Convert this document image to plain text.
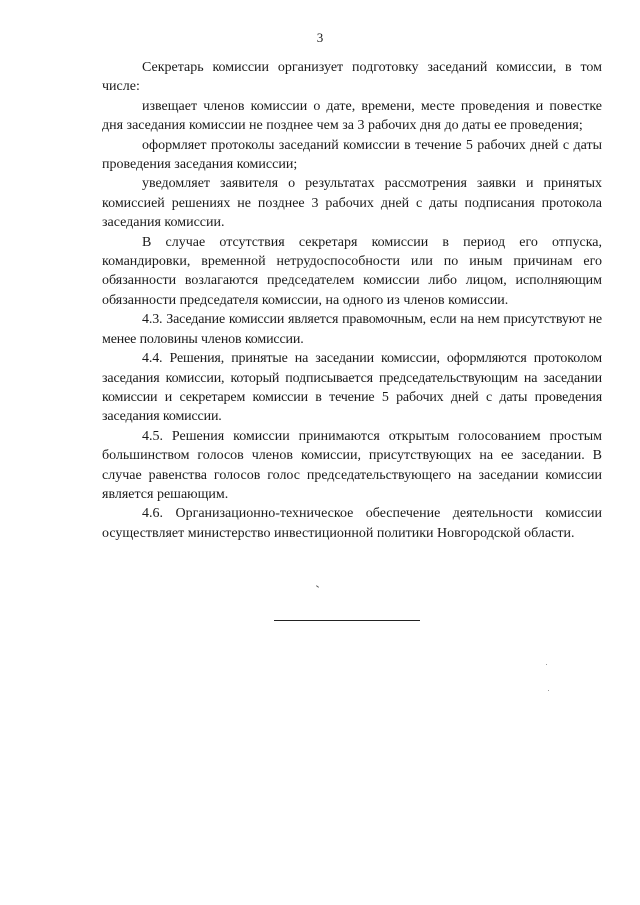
3

Секретарь комиссии организует подготовку заседаний комиссии, в том числе:

извещает членов комиссии о дате, времени, месте проведения и повестке дня заседания комиссии не позднее чем за 3 рабочих дня до даты ее проведения;

оформляет протоколы заседаний комиссии в течение 5 рабочих дней с даты проведения заседания комиссии;

уведомляет заявителя о результатах рассмотрения заявки и принятых комиссией решениях не позднее 3 рабочих дней с даты подписания протокола заседания комиссии.

В случае отсутствия секретаря комиссии в период его отпуска, командировки, временной нетрудоспособности или по иным причинам его обязанности возлагаются председателем комиссии либо лицом, исполняющим обязанности председателя комиссии, на одного из членов комиссии.

4.3. Заседание комиссии является правомочным, если на нем присутствуют не менее половины членов комиссии.

4.4. Решения, принятые на заседании комиссии, оформляются протоколом заседания комиссии, который подписывается председательствующим на заседании комиссии и секретарем комиссии в течение 5 рабочих дней с даты проведения заседания комиссии.

4.5. Решения комиссии принимаются открытым голосованием простым большинством голосов членов комиссии, присутствующих на ее заседании. В случае равенства голосов голос председательствующего на заседании комиссии является решающим.

4.6. Организационно-техническое обеспечение деятельности комиссии осуществляет министерство инвестиционной политики Новгородской области.
